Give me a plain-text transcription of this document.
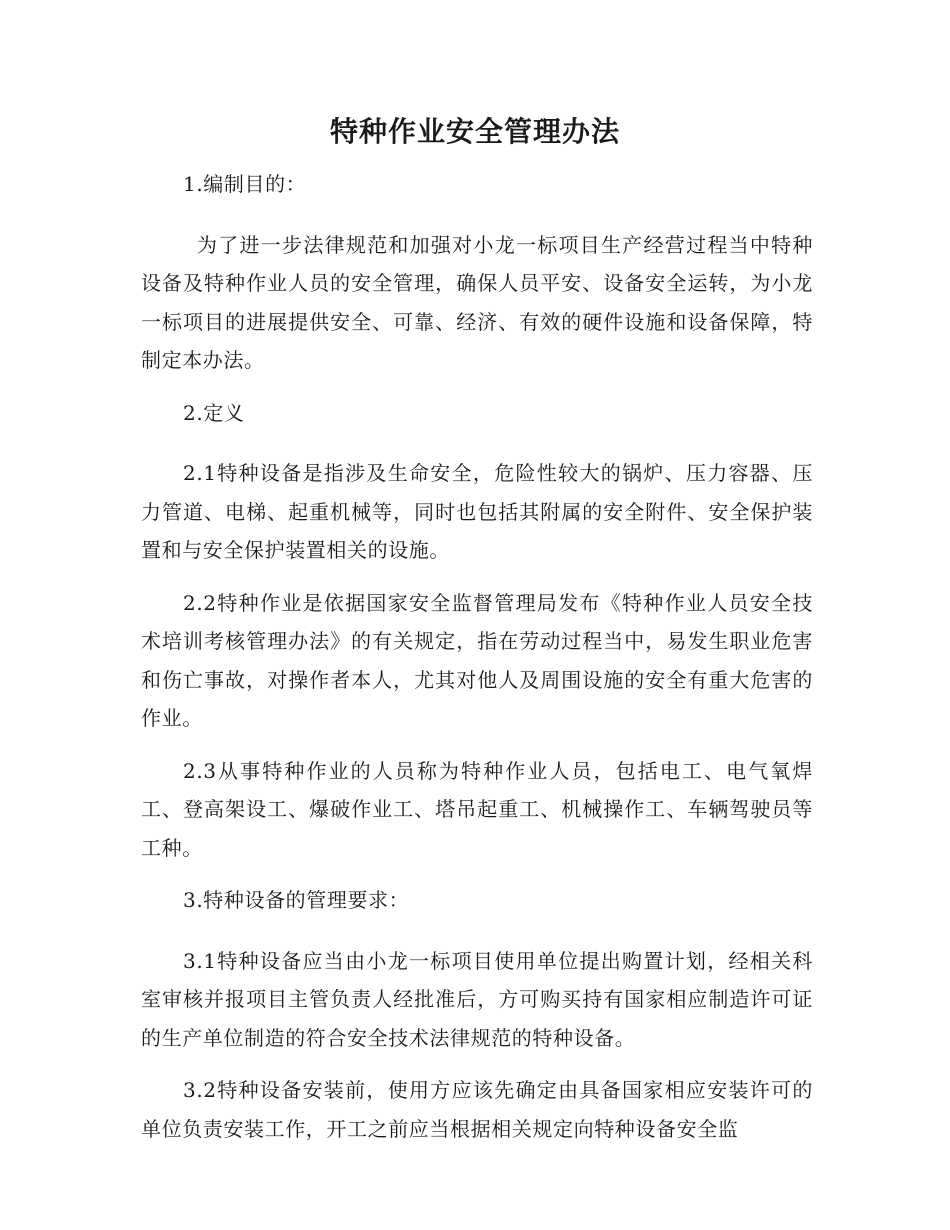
特种作业安全管理办法

1.编制目的：

为了进一步法律规范和加强对小龙一标项目生产经营过程当中特种设备及特种作业人员的安全管理，确保人员平安、设备安全运转，为小龙一标项目的进展提供安全、可靠、经济、有效的硬件设施和设备保障，特制定本办法。

2.定义

2.1特种设备是指涉及生命安全，危险性较大的锅炉、压力容器、压力管道、电梯、起重机械等，同时也包括其附属的安全附件、安全保护装置和与安全保护装置相关的设施。

2.2特种作业是依据国家安全监督管理局发布《特种作业人员安全技术培训考核管理办法》的有关规定，指在劳动过程当中，易发生职业危害和伤亡事故，对操作者本人，尤其对他人及周围设施的安全有重大危害的作业。

2.3从事特种作业的人员称为特种作业人员，包括电工、电气氧焊工、登高架设工、爆破作业工、塔吊起重工、机械操作工、车辆驾驶员等工种。

3.特种设备的管理要求：

3.1特种设备应当由小龙一标项目使用单位提出购置计划，经相关科室审核并报项目主管负责人经批准后，方可购买持有国家相应制造许可证的生产单位制造的符合安全技术法律规范的特种设备。

3.2特种设备安装前，使用方应该先确定由具备国家相应安装许可的单位负责安装工作，开工之前应当根据相关规定向特种设备安全监
